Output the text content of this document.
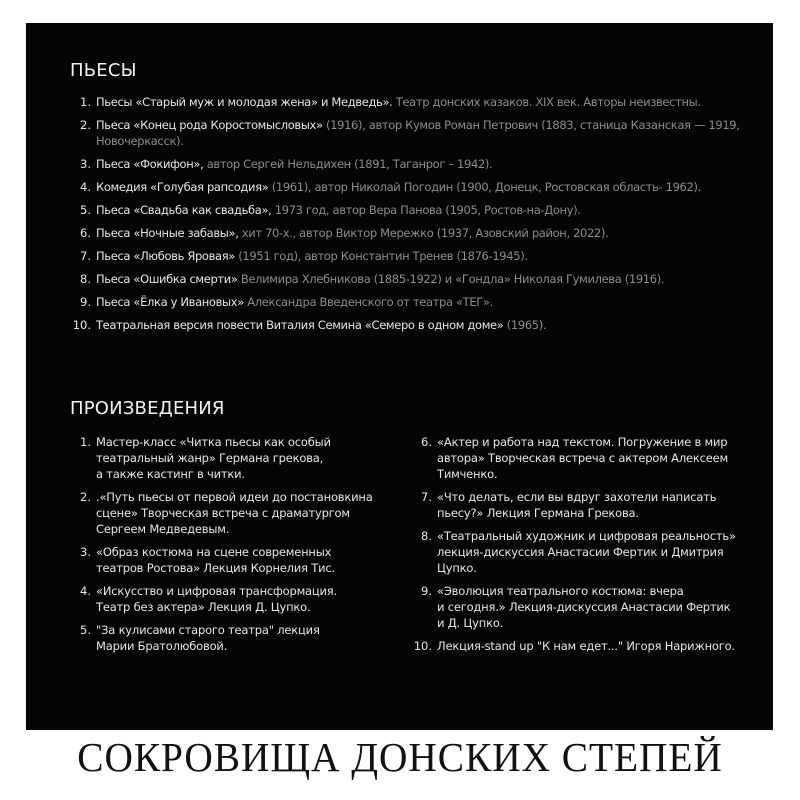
ПЬЕСЫ
1. Пьесы «Старый муж и молодая жена» и Медведь». Театр донских казаков. XIX век. Авторы неизвестны.
2. Пьеса «Конец рода Коростомысловых» (1916), автор Кумов Роман Петрович (1883, станица Казанская — 1919, Новочеркасск).
3. Пьеса «Фокифон», автор Сергей Нельдихен (1891, Таганрог – 1942).
4. Комедия «Голубая рапсодия» (1961), автор Николай Погодин (1900, Донецк, Ростовская область- 1962).
5. Пьеса «Свадьба как свадьба», 1973 год, автор Вера Панова (1905, Ростов-на-Дону).
6. Пьеса «Ночные забавы», хит 70-х., автор Виктор Мережко (1937, Азовский район, 2022).
7. Пьеса «Любовь Яровая» (1951 год), автор Константин Тренев (1876-1945).
8. Пьеса «Ошибка смерти» Велимира Хлебникова (1885-1922) и «Гондла» Николая Гумилева (1916).
9. Пьеса «Ёлка у Ивановых» Александра Введенского от театра «ТЕГ».
10. Театральная версия повести Виталия Семина «Семеро в одном доме» (1965).
ПРОИЗВЕДЕНИЯ
1. Мастер-класс «Читка пьесы как особый
театральный жанр» Германа грекова,
а также кастинг в читки.
2. .«Путь пьесы от первой идеи до постановкина
сцене» Творческая встреча с драматургом
Сергеем Медведевым.
3. «Образ костюма на сцене современных
театров Ростова» Лекция Корнелия Тис.
4. «Искусство и цифровая трансформация.
Театр без актера» Лекция Д. Цупко.
5. "За кулисами старого театра" лекция
Марии Братолюбовой.
6. «Актер и работа над текстом. Погружение в мир
автора» Творческая встреча с актером Алексеем
Тимченко.
7. «Что делать, если вы вдруг захотели написать
пьесу?» Лекция Германа Грекова.
8. «Театральный художник и цифровая реальность»
лекция-дискуссия Анастасии Фертик и Дмитрия
Цупко.
9. «Эволюция театрального костюма: вчера
и сегодня.» Лекция-дискуссия Анастасии Фертик
и Д. Цупко.
10. Лекция-stand up "К нам едет..." Игоря Нарижного.
СОКРОВИЩА ДОНСКИХ СТЕПЕЙ
